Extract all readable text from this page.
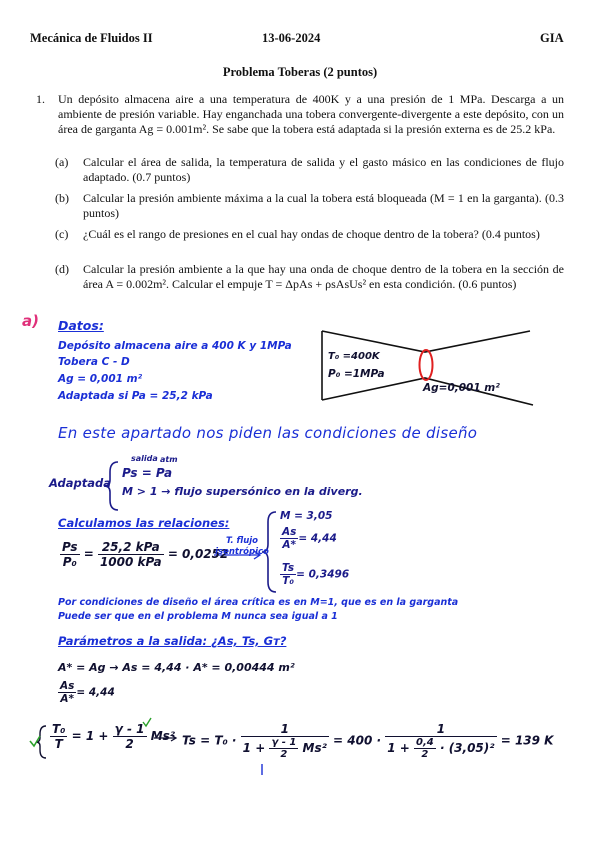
Mecánica de Fluidos II	13-06-2024	GIA
Problema Toberas (2 puntos)
1. Un depósito almacena aire a una temperatura de 400K y a una presión de 1 MPa. Descarga a un ambiente de presión variable. Hay enganchada una tobera convergente-divergente a este depósito, con un área de garganta Ag = 0.001m². Se sabe que la tobera está adaptada si la presión externa es de 25.2 kPa.
(a) Calcular el área de salida, la temperatura de salida y el gasto másico en las condiciones de flujo adaptado. (0.7 puntos)
(b) Calcular la presión ambiente máxima a la cual la tobera está bloqueada (M = 1 en la garganta). (0.3 puntos)
(c) ¿Cuál es el rango de presiones en el cual hay ondas de choque dentro de la tobera? (0.4 puntos)
(d) Calcular la presión ambiente a la que hay una onda de choque dentro de la tobera en la sección de área A = 0.002m². Calcular el empuje T = ΔpAs + ρsAsUs² en esta condición. (0.6 puntos)
a) Datos:
Depósito almacena aire a 400 K y 1MPa
Tobera C - D
Ag = 0,001 m²
Adaptada si Pa = 25,2 kPa
T₀ =400K
P₀ =1MPa
Ag=0,001 m²
En este apartado nos piden las condiciones de diseño
Adaptada
salida atm
Ps = Pa
M > 1 → flujo supersónico en la diverg.
Calculamos las relaciones:
$\frac{Ps}{\text{P₀}} = \frac{\text{25,2 kPa}}{\text{1000 kPa}} = 0,0252$
T. flujo isentrópico
M = 3,05
$\frac{As}{A*} = 4,44$
$\frac{Ts}{\text{T₀}} = 0,3496$
Por condiciones de diseño el área crítica es en M=1, que es en la garganta
Puede ser que en el problema M nunca sea igual a 1
Parámetros a la salida: ¿As, Ts, Gт?
A* = Ag → As = 4,44 · A* = 0,00444 m²
$\frac{As}{A*} = 4,44$
$\frac{\text{T₀}}{T} = 1 + \frac{\gamma - 1}{2} Ms^2$ $Ts = T_0 \cdot \frac{1}{1 + \frac{\gamma - 1}{2} Ms^2} = 400 \cdot \frac{1}{1 + \frac{0,4}{2} \cdot (3,05)^2} = 139$ K
